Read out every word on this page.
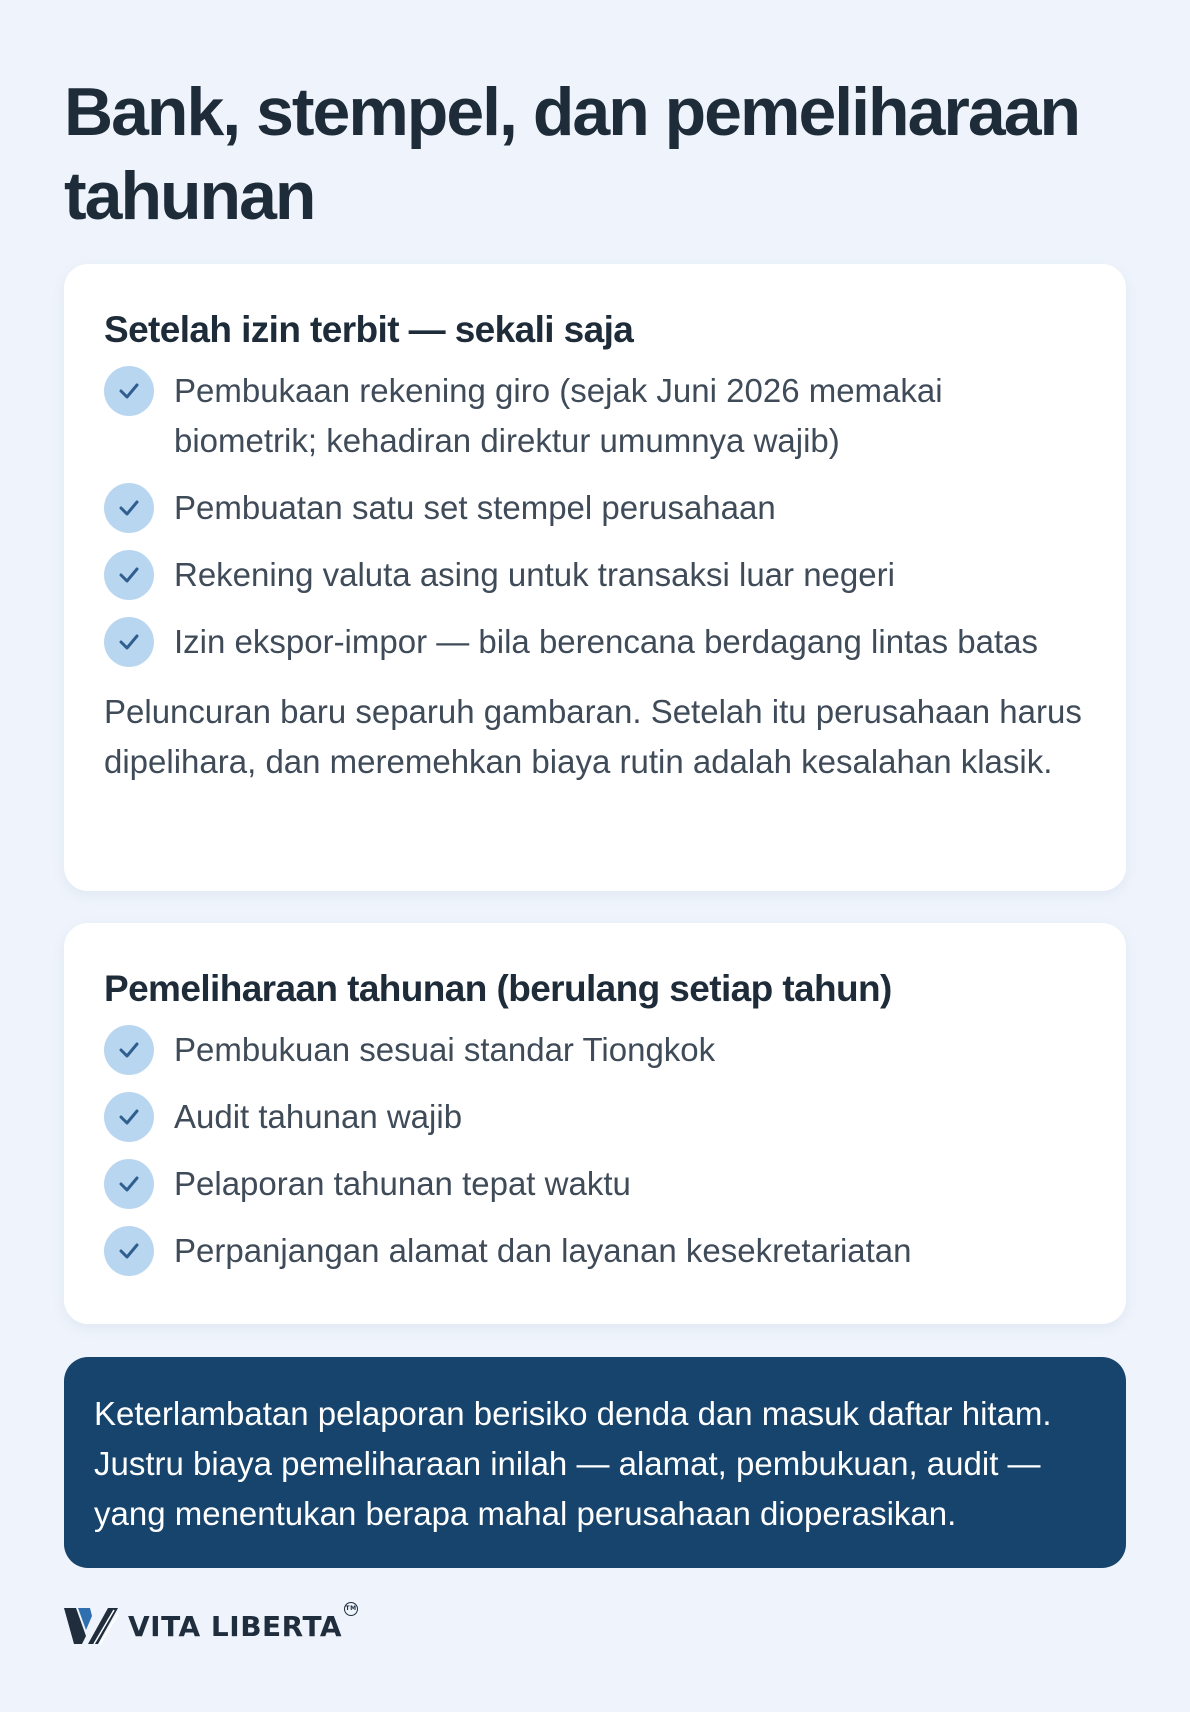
Bank, stempel, dan pemeliharaan tahunan
Setelah izin terbit — sekali saja
Pembukaan rekening giro (sejak Juni 2026 memakai biometrik; kehadiran direktur umumnya wajib)
Pembuatan satu set stempel perusahaan
Rekening valuta asing untuk transaksi luar negeri
Izin ekspor-impor — bila berencana berdagang lintas batas

Peluncuran baru separuh gambaran. Setelah itu perusahaan harus dipelihara, dan meremehkan biaya rutin adalah kesalahan klasik.

Pemeliharaan tahunan (berulang setiap tahun)
Pembukuan sesuai standar Tiongkok
Audit tahunan wajib
Pelaporan tahunan tepat waktu
Perpanjangan alamat dan layanan kesekretariatan
Keterlambatan pelaporan berisiko denda dan masuk daftar hitam. Justru biaya pemeliharaan inilah — alamat, pembukuan, audit — yang menentukan berapa mahal perusahaan dioperasikan.
VITA LIBERTA
TM
